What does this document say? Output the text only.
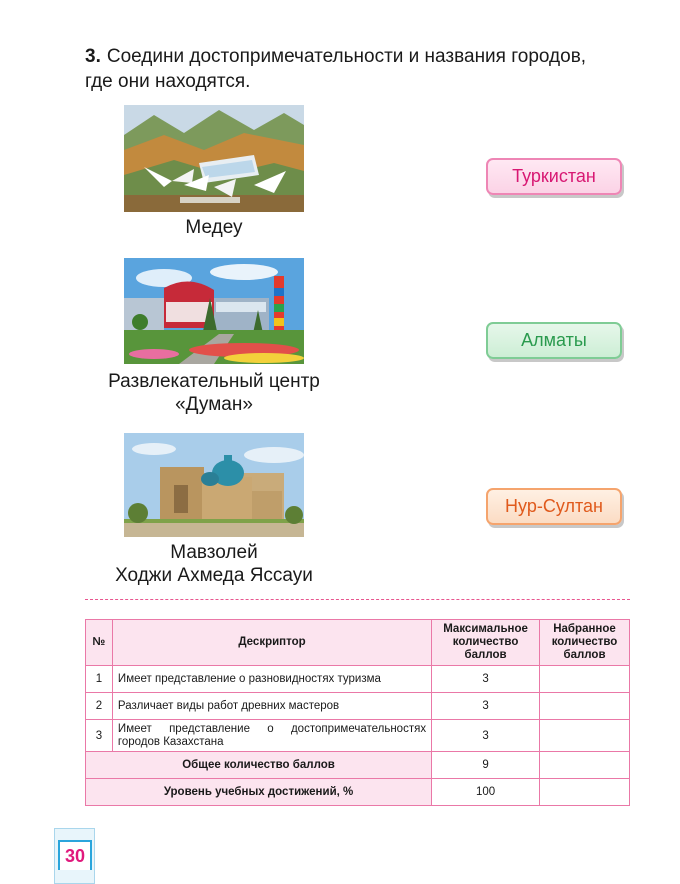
3. Соедини достопримечательности и названия городов,
где они находятся.
Медеу
Развлекательный центр
«Думан»
Мавзолей
Ходжи Ахмеда Яссауи
Туркистан
Алматы
Нур-Султан
№	Дескриптор	Максимальное количество баллов	Набранное количество баллов
1	Имеет представление о разновидностях туризма	3	
2	Различает виды работ древних мастеров	3	
3	Имеет представление о достопримечательностях городов Казахстана	3	
Общее количество баллов		9	
Уровень учебных достижений, %		100	
30
